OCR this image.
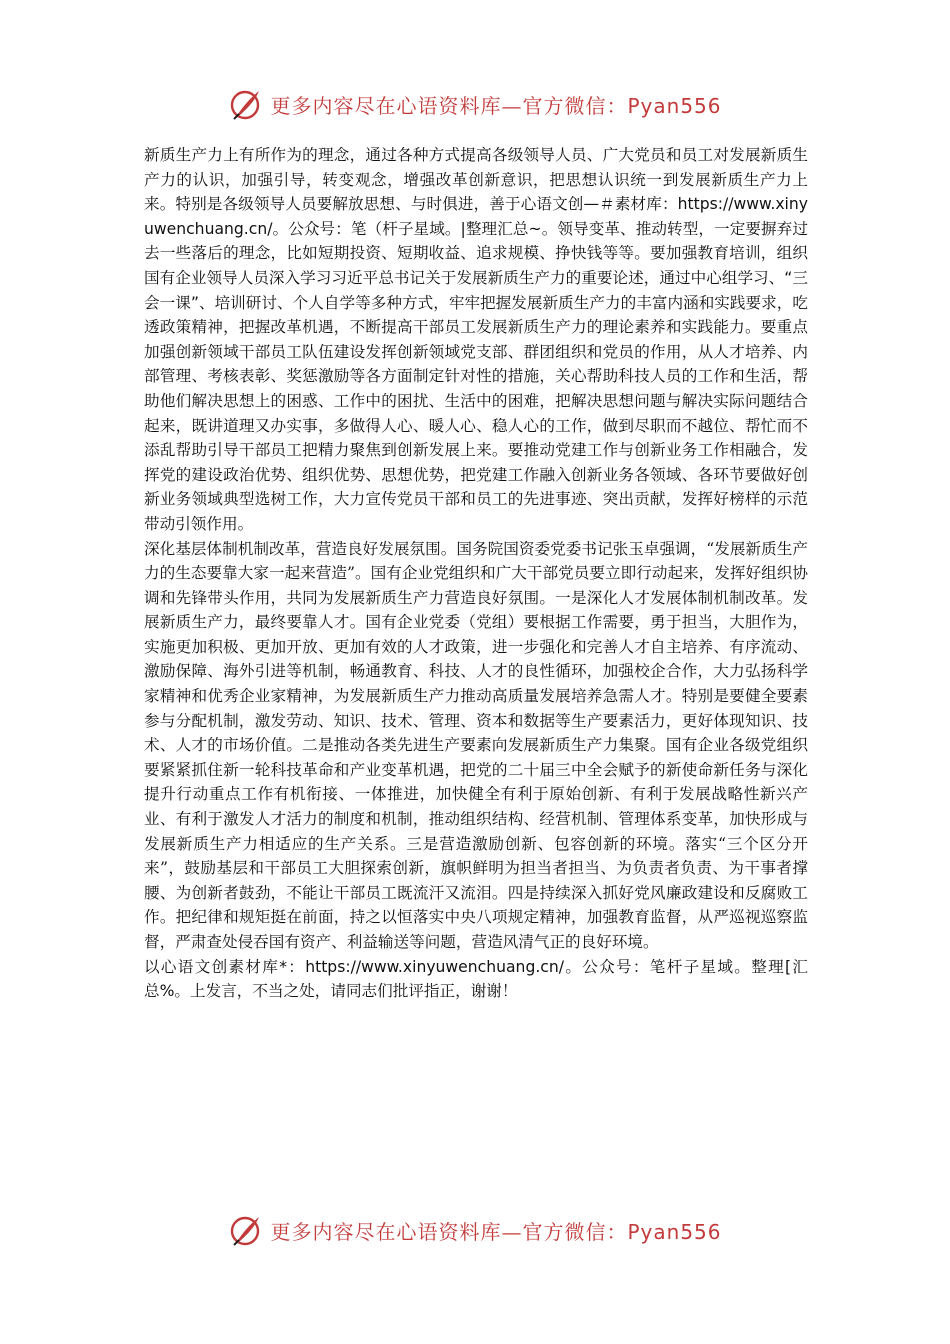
更多内容尽在心语资料库—官方微信：Pyan556

新质生产力上有所作为的理念，通过各种方式提高各级领导人员、广大党员和员工对发展新质生产力的认识，加强引导，转变观念，增强改革创新意识，把思想认识统一到发展新质生产力上来。特别是各级领导人员要解放思想、与时俱进，善于心语文创—＃素材库：https://www.xinyuwenchuang.cn/。公众号：笔（杆子星域。|整理汇总~。领导变革、推动转型，一定要摒弃过去一些落后的理念，比如短期投资、短期收益、追求规模、挣快钱等等。要加强教育培训，组织国有企业领导人员深入学习习近平总书记关于发展新质生产力的重要论述，通过中心组学习、“三会一课”、培训研讨、个人自学等多种方式，牢牢把握发展新质生产力的丰富内涵和实践要求，吃透政策精神，把握改革机遇，不断提高干部员工发展新质生产力的理论素养和实践能力。要重点加强创新领域干部员工队伍建设发挥创新领域党支部、群团组织和党员的作用，从人才培养、内部管理、考核表彰、奖惩激励等各方面制定针对性的措施，关心帮助科技人员的工作和生活，帮助他们解决思想上的困惑、工作中的困扰、生活中的困难，把解决思想问题与解决实际问题结合起来，既讲道理又办实事，多做得人心、暖人心、稳人心的工作，做到尽职而不越位、帮忙而不添乱帮助引导干部员工把精力聚焦到创新发展上来。要推动党建工作与创新业务工作相融合，发挥党的建设政治优势、组织优势、思想优势，把党建工作融入创新业务各领域、各环节要做好创新业务领域典型选树工作，大力宣传党员干部和员工的先进事迹、突出贡献，发挥好榜样的示范带动引领作用。

深化基层体制机制改革，营造良好发展氛围。国务院国资委党委书记张玉卓强调，“发展新质生产力的生态要靠大家一起来营造”。国有企业党组织和广大干部党员要立即行动起来，发挥好组织协调和先锋带头作用，共同为发展新质生产力营造良好氛围。一是深化人才发展体制机制改革。发展新质生产力，最终要靠人才。国有企业党委（党组）要根据工作需要，勇于担当，大胆作为，实施更加积极、更加开放、更加有效的人才政策，进一步强化和完善人才自主培养、有序流动、激励保障、海外引进等机制，畅通教育、科技、人才的良性循环，加强校企合作，大力弘扬科学家精神和优秀企业家精神，为发展新质生产力推动高质量发展培养急需人才。特别是要健全要素参与分配机制，激发劳动、知识、技术、管理、资本和数据等生产要素活力，更好体现知识、技术、人才的市场价值。二是推动各类先进生产要素向发展新质生产力集聚。国有企业各级党组织要紧紧抓住新一轮科技革命和产业变革机遇，把党的二十届三中全会赋予的新使命新任务与深化提升行动重点工作有机衔接、一体推进，加快健全有利于原始创新、有利于发展战略性新兴产业、有利于激发人才活力的制度和机制，推动组织结构、经营机制、管理体系变革，加快形成与发展新质生产力相适应的生产关系。三是营造激励创新、包容创新的环境。落实“三个区分开来”，鼓励基层和干部员工大胆探索创新，旗帜鲜明为担当者担当、为负责者负责、为干事者撑腰、为创新者鼓劲，不能让干部员工既流汗又流泪。四是持续深入抓好党风廉政建设和反腐败工作。把纪律和规矩挺在前面，持之以恒落实中央八项规定精神，加强教育监督，从严巡视巡察监督，严肃查处侵吞国有资产、利益输送等问题，营造风清气正的良好环境。

以心语文创素材库*：https://www.xinyuwenchuang.cn/。公众号：笔杆子星域。整理[汇总%。上发言，不当之处，请同志们批评指正，谢谢！

更多内容尽在心语资料库—官方微信：Pyan556
